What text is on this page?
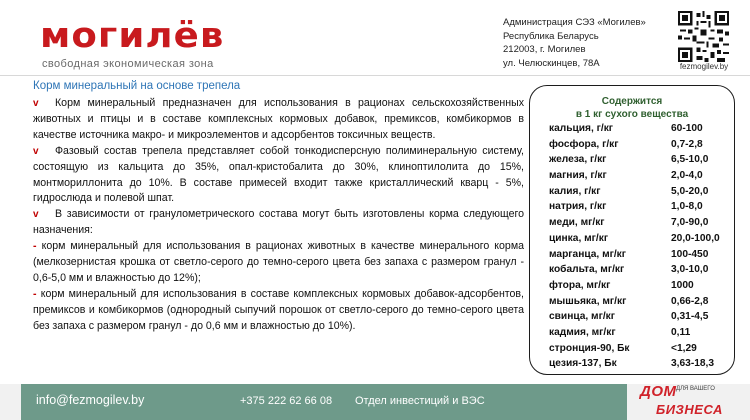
могилёв
свободная экономическая зона
Администрация СЭЗ «Могилев»
Республика Беларусь
212003, г. Могилев
ул. Челюскинцев, 78А	fezmogilev.by
Корм минеральный на основе трепела
v Корм минеральный предназначен для использования в рационах сельскохозяйственных животных и птицы и в составе комплексных кормовых добавок, премиксов, комбикормов в качестве источника макро- и микроэлементов и адсорбентов токсичных веществ.
v Фазовый состав трепела представляет собой тонкодисперсную полиминеральную систему, состоящую из кальцита до 35%, опал-кристобалита до 30%, клиноптилолита до 15%, монтмориллонита до 10%. В составе примесей входит также кристаллический кварц - 5%, гидрослюда и полевой шпат.
v В зависимости от гранулометрического состава могут быть изготовлены корма следующего назначения:
- корм минеральный для использования в рационах животных в качестве минерального корма (мелкозернистая крошка от светло-серого до темно-серого цвета без запаха с размером гранул - 0,6-5,0 мм и влажностью до 12%);
- корм минеральный для использования в составе комплексных кормовых добавок-адсорбентов, премиксов и комбикормов (однородный сыпучий порошок от светло-серого до темно-серого цвета без запаха с размером гранул - до 0,6 мм и влажностью до 10%).
Содержится
в 1 кг сухого вещества
кальция, г/кг	60-100
фосфора, г/кг	0,7-2,8
железа, г/кг	6,5-10,0
магния, г/кг	2,0-4,0
калия, г/кг	5,0-20,0
натрия, г/кг	1,0-8,0
меди, мг/кг	7,0-90,0
цинка, мг/кг	20,0-100,0
марганца, мг/кг	100-450
кобальта, мг/кг	3,0-10,0
фтора, мг/кг	1000
мышьяка, мг/кг	0,66-2,8
свинца, мг/кг	0,31-4,5
кадмия, мг/кг	0,11
стронция-90, Бк	<1,29
цезия-137, Бк	3,63-18,3
info@fezmogilev.by	+375 222 62 66 08 Отдел инвестиций и ВЭС
ДОМ ДЛЯ ВАШЕГО
БИЗНЕСА
